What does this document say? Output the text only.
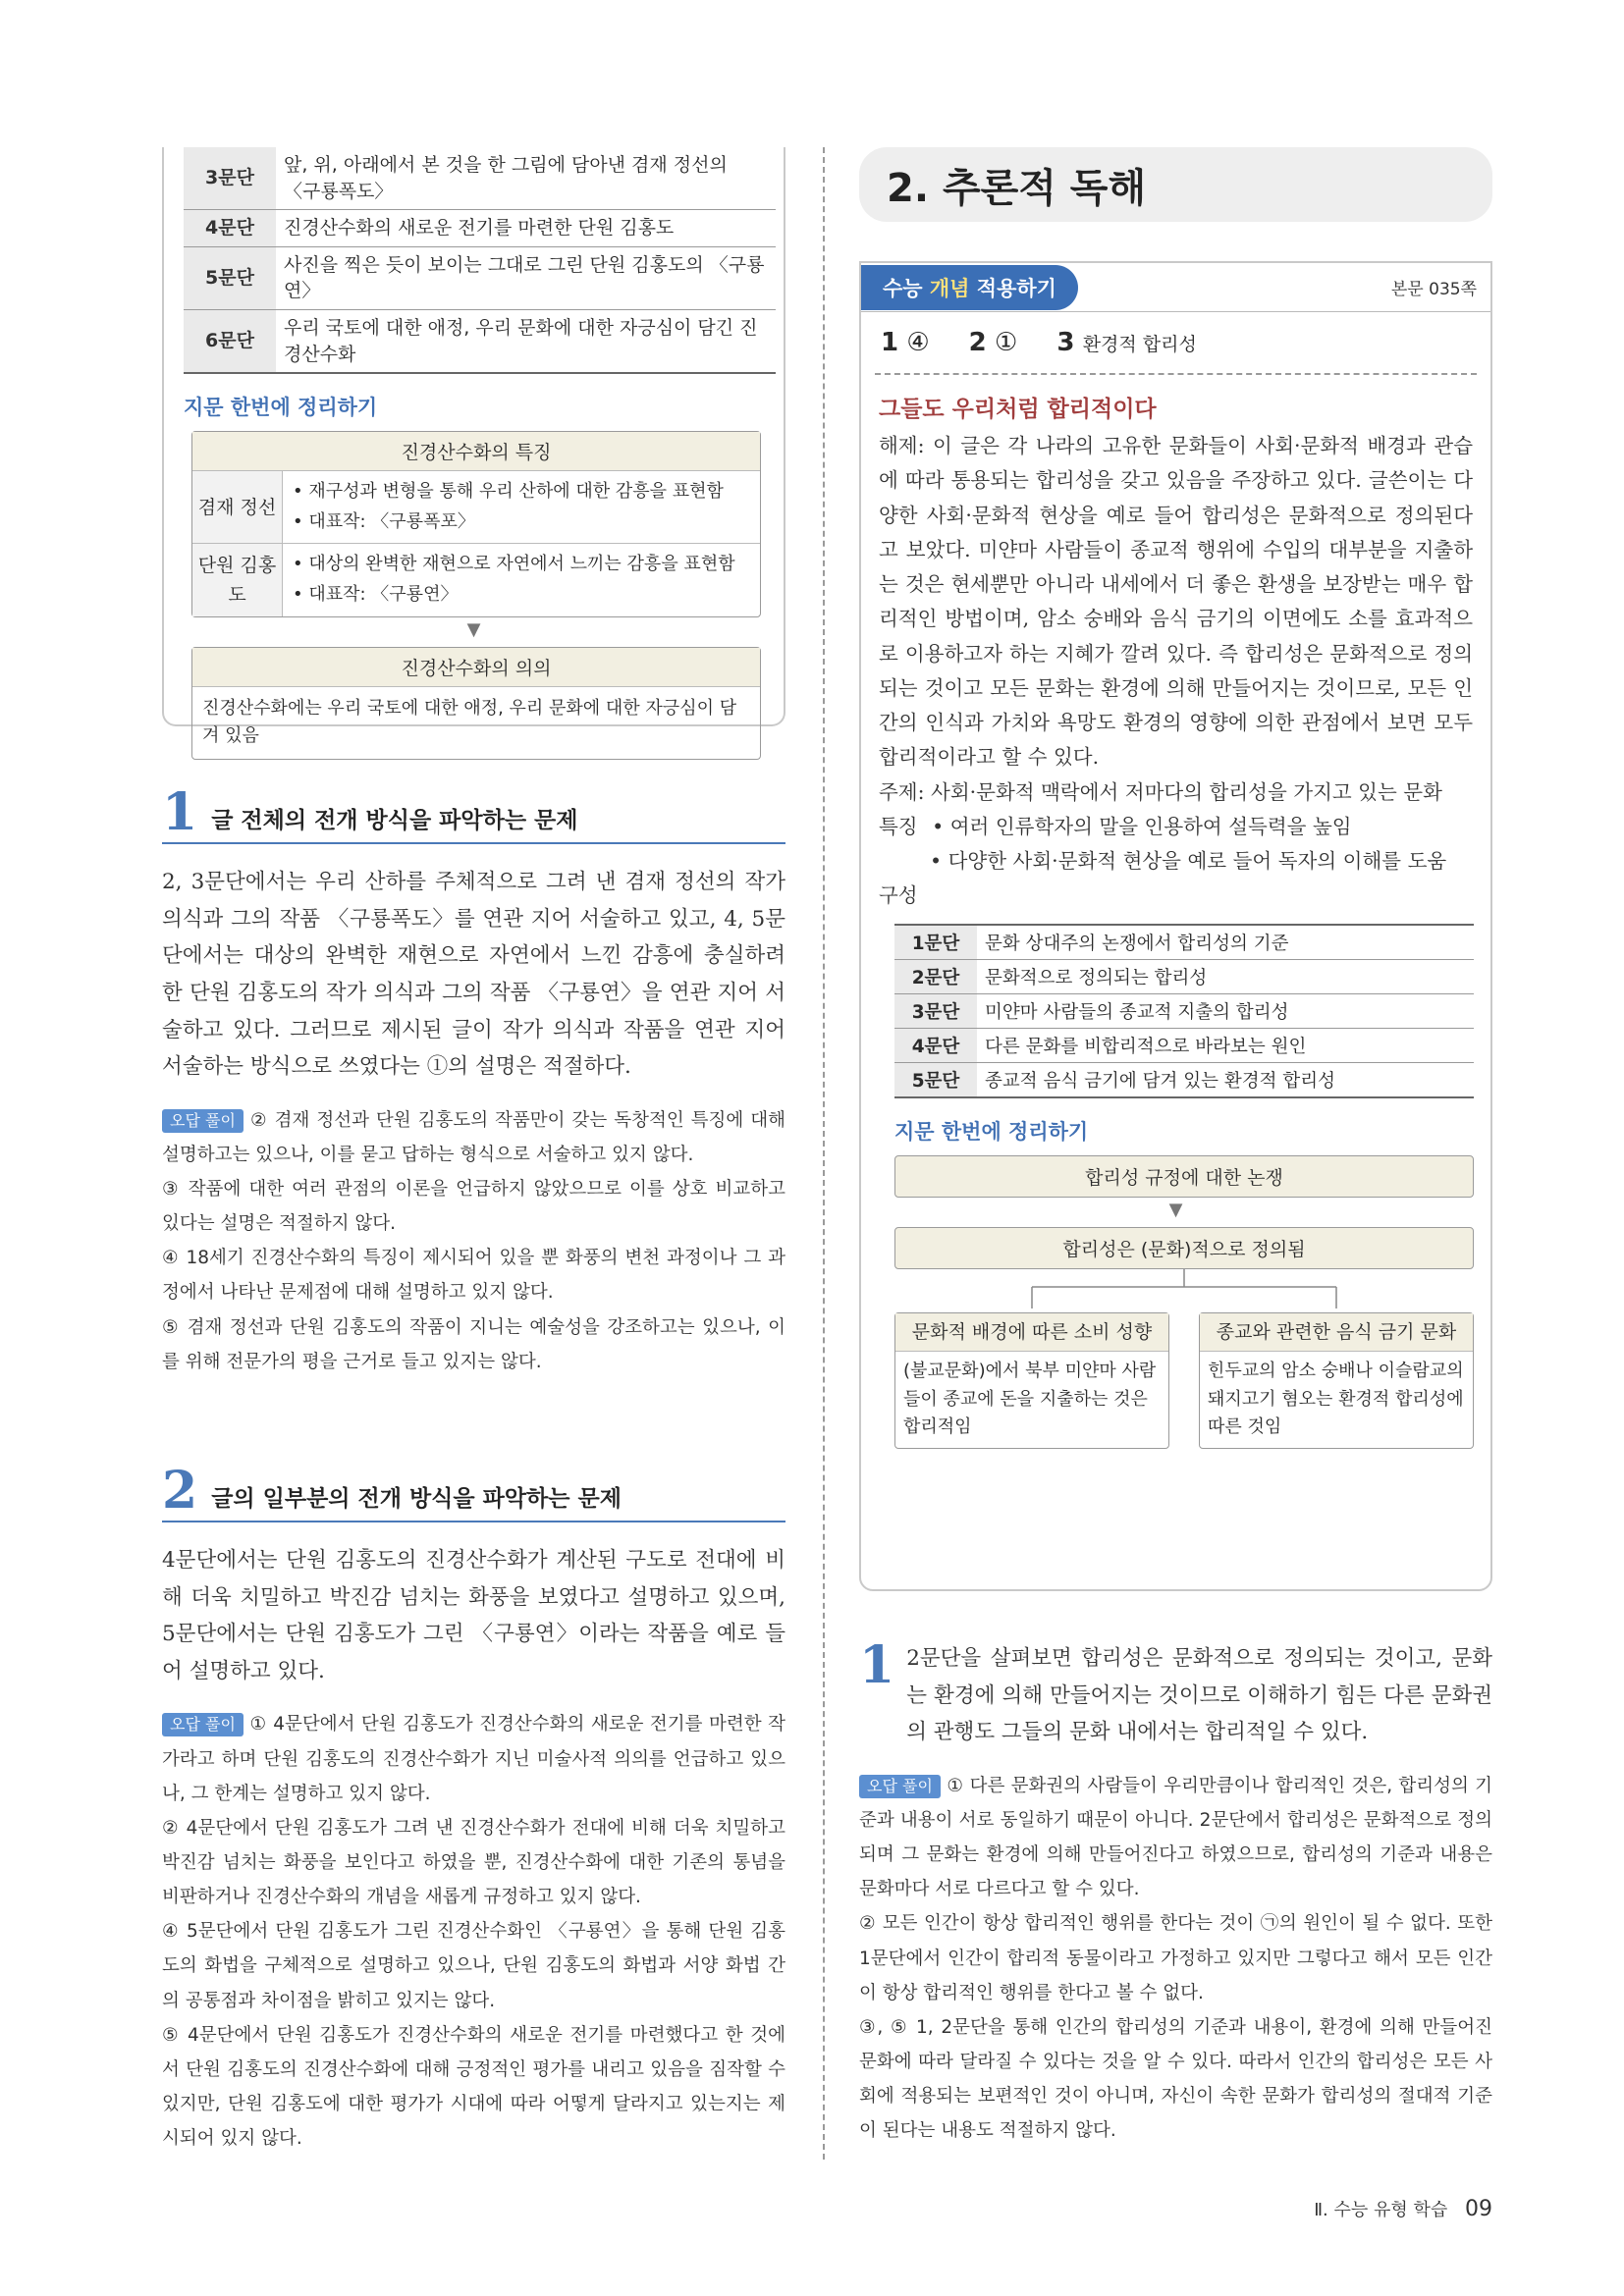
3문단	앞, 위, 아래에서 본 것을 한 그림에 담아낸 겸재 정선의 〈구룡폭도〉
4문단	진경산수화의 새로운 전기를 마련한 단원 김홍도
5문단	사진을 찍은 듯이 보이는 그대로 그린 단원 김홍도의 〈구룡연〉
6문단	우리 국토에 대한 애정, 우리 문화에 대한 자긍심이 담긴 진경산수화
지문 한번에 정리하기
진경산수화의 특징
겸재 정선
• 재구성과 변형을 통해 우리 산하에 대한 감흥을 표현함
• 대표작: 〈구룡폭포〉
단원 김홍도
• 대상의 완벽한 재현으로 자연에서 느끼는 감흥을 표현함
• 대표작: 〈구룡연〉
▼
진경산수화의 의의
진경산수화에는 우리 국토에 대한 애정, 우리 문화에 대한 자긍심이 담겨 있음
1 글 전체의 전개 방식을 파악하는 문제
2, 3문단에서는 우리 산하를 주체적으로 그려 낸 겸재 정선의 작가 의식과 그의 작품 〈구룡폭도〉를 연관 지어 서술하고 있고, 4, 5문단에서는 대상의 완벽한 재현으로 자연에서 느낀 감흥에 충실하려 한 단원 김홍도의 작가 의식과 그의 작품 〈구룡연〉을 연관 지어 서술하고 있다. 그러므로 제시된 글이 작가 의식과 작품을 연관 지어 서술하는 방식으로 쓰였다는 ①의 설명은 적절하다.
오답 풀이 ② 겸재 정선과 단원 김홍도의 작품만이 갖는 독창적인 특징에 대해 설명하고는 있으나, 이를 묻고 답하는 형식으로 서술하고 있지 않다.
③ 작품에 대한 여러 관점의 이론을 언급하지 않았으므로 이를 상호 비교하고 있다는 설명은 적절하지 않다.
④ 18세기 진경산수화의 특징이 제시되어 있을 뿐 화풍의 변천 과정이나 그 과정에서 나타난 문제점에 대해 설명하고 있지 않다.
⑤ 겸재 정선과 단원 김홍도의 작품이 지니는 예술성을 강조하고는 있으나, 이를 위해 전문가의 평을 근거로 들고 있지는 않다.
2 글의 일부분의 전개 방식을 파악하는 문제
4문단에서는 단원 김홍도의 진경산수화가 계산된 구도로 전대에 비해 더욱 치밀하고 박진감 넘치는 화풍을 보였다고 설명하고 있으며, 5문단에서는 단원 김홍도가 그린 〈구룡연〉이라는 작품을 예로 들어 설명하고 있다.
오답 풀이 ① 4문단에서 단원 김홍도가 진경산수화의 새로운 전기를 마련한 작가라고 하며 단원 김홍도의 진경산수화가 지닌 미술사적 의의를 언급하고 있으나, 그 한계는 설명하고 있지 않다.
② 4문단에서 단원 김홍도가 그려 낸 진경산수화가 전대에 비해 더욱 치밀하고 박진감 넘치는 화풍을 보인다고 하였을 뿐, 진경산수화에 대한 기존의 통념을 비판하거나 진경산수화의 개념을 새롭게 규정하고 있지 않다.
④ 5문단에서 단원 김홍도가 그린 진경산수화인 〈구룡연〉을 통해 단원 김홍도의 화법을 구체적으로 설명하고 있으나, 단원 김홍도의 화법과 서양 화법 간의 공통점과 차이점을 밝히고 있지는 않다.
⑤ 4문단에서 단원 김홍도가 진경산수화의 새로운 전기를 마련했다고 한 것에서 단원 김홍도의 진경산수화에 대해 긍정적인 평가를 내리고 있음을 짐작할 수 있지만, 단원 김홍도에 대한 평가가 시대에 따라 어떻게 달라지고 있는지는 제시되어 있지 않다.
2. 추론적 독해
수능 개념 적용하기	본문 035쪽
1 ④ 2 ① 3 환경적 합리성
그들도 우리처럼 합리적이다
해제: 이 글은 각 나라의 고유한 문화들이 사회·문화적 배경과 관습에 따라 통용되는 합리성을 갖고 있음을 주장하고 있다. 글쓴이는 다양한 사회·문화적 현상을 예로 들어 합리성은 문화적으로 정의된다고 보았다. 미얀마 사람들이 종교적 행위에 수입의 대부분을 지출하는 것은 현세뿐만 아니라 내세에서 더 좋은 환생을 보장받는 매우 합리적인 방법이며, 암소 숭배와 음식 금기의 이면에도 소를 효과적으로 이용하고자 하는 지혜가 깔려 있다. 즉 합리성은 문화적으로 정의되는 것이고 모든 문화는 환경에 의해 만들어지는 것이므로, 모든 인간의 인식과 가치와 욕망도 환경의 영향에 의한 관점에서 보면 모두 합리적이라고 할 수 있다.
주제: 사회·문화적 맥락에서 저마다의 합리성을 가지고 있는 문화
특징 • 여러 인류학자의 말을 인용하여 설득력을 높임
• 다양한 사회·문화적 현상을 예로 들어 독자의 이해를 도움
구성
1문단	문화 상대주의 논쟁에서 합리성의 기준
2문단	문화적으로 정의되는 합리성
3문단	미얀마 사람들의 종교적 지출의 합리성
4문단	다른 문화를 비합리적으로 바라보는 원인
5문단	종교적 음식 금기에 담겨 있는 환경적 합리성
지문 한번에 정리하기
합리성 규정에 대한 논쟁
▼
합리성은 (문화)적으로 정의됨
문화적 배경에 따른 소비 성향
(불교문화)에서 북부 미얀마 사람들이 종교에 돈을 지출하는 것은 합리적임
종교와 관련한 음식 금기 문화
힌두교의 암소 숭배나 이슬람교의 돼지고기 혐오는 환경적 합리성에 따른 것임
1 2문단을 살펴보면 합리성은 문화적으로 정의되는 것이고, 문화는 환경에 의해 만들어지는 것이므로 이해하기 힘든 다른 문화권의 관행도 그들의 문화 내에서는 합리적일 수 있다.
오답 풀이 ① 다른 문화권의 사람들이 우리만큼이나 합리적인 것은, 합리성의 기준과 내용이 서로 동일하기 때문이 아니다. 2문단에서 합리성은 문화적으로 정의되며 그 문화는 환경에 의해 만들어진다고 하였으므로, 합리성의 기준과 내용은 문화마다 서로 다르다고 할 수 있다.
② 모든 인간이 항상 합리적인 행위를 한다는 것이 ㉠의 원인이 될 수 없다. 또한 1문단에서 인간이 합리적 동물이라고 가정하고 있지만 그렇다고 해서 모든 인간이 항상 합리적인 행위를 한다고 볼 수 없다.
③, ⑤ 1, 2문단을 통해 인간의 합리성의 기준과 내용이, 환경에 의해 만들어진 문화에 따라 달라질 수 있다는 것을 알 수 있다. 따라서 인간의 합리성은 모든 사회에 적용되는 보편적인 것이 아니며, 자신이 속한 문화가 합리성의 절대적 기준이 된다는 내용도 적절하지 않다.
Ⅱ. 수능 유형 학습 09
